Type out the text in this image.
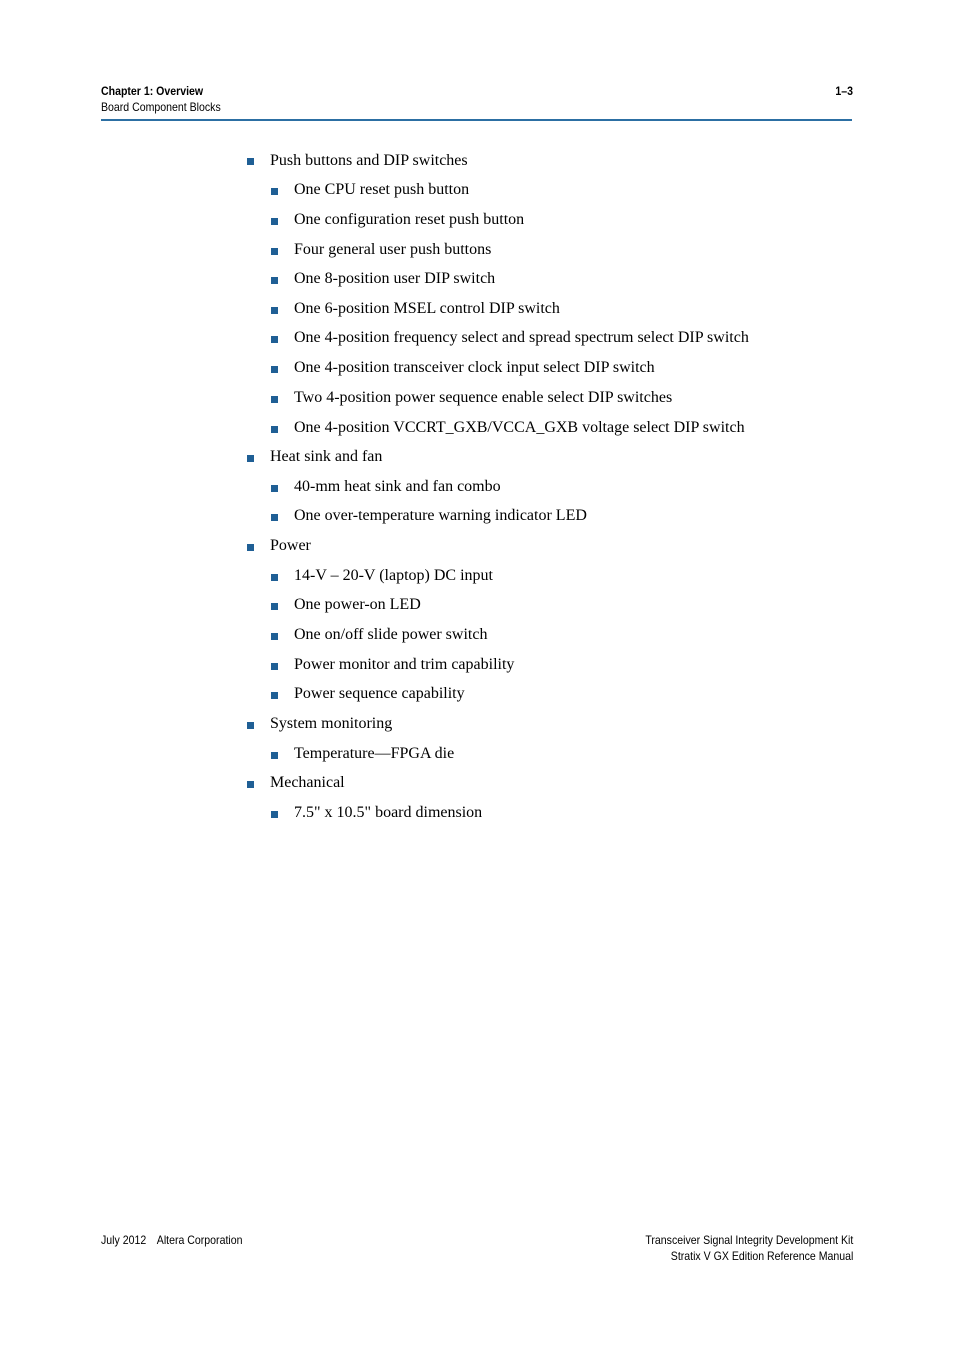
Chapter 1: Overview
Board Component Blocks
1–3
Push buttons and DIP switches
One CPU reset push button
One configuration reset push button
Four general user push buttons
One 8-position user DIP switch
One 6-position MSEL control DIP switch
One 4-position frequency select and spread spectrum select DIP switch
One 4-position transceiver clock input select DIP switch
Two 4-position power sequence enable select DIP switches
One 4-position VCCRT_GXB/VCCA_GXB voltage select DIP switch
Heat sink and fan
40-mm heat sink and fan combo
One over-temperature warning indicator LED
Power
14-V – 20-V (laptop) DC input
One power-on LED
One on/off slide power switch
Power monitor and trim capability
Power sequence capability
System monitoring
Temperature—FPGA die
Mechanical
7.5" x 10.5" board dimension
July 2012 Altera Corporation	Transceiver Signal Integrity Development Kit
Stratix V GX Edition Reference Manual
